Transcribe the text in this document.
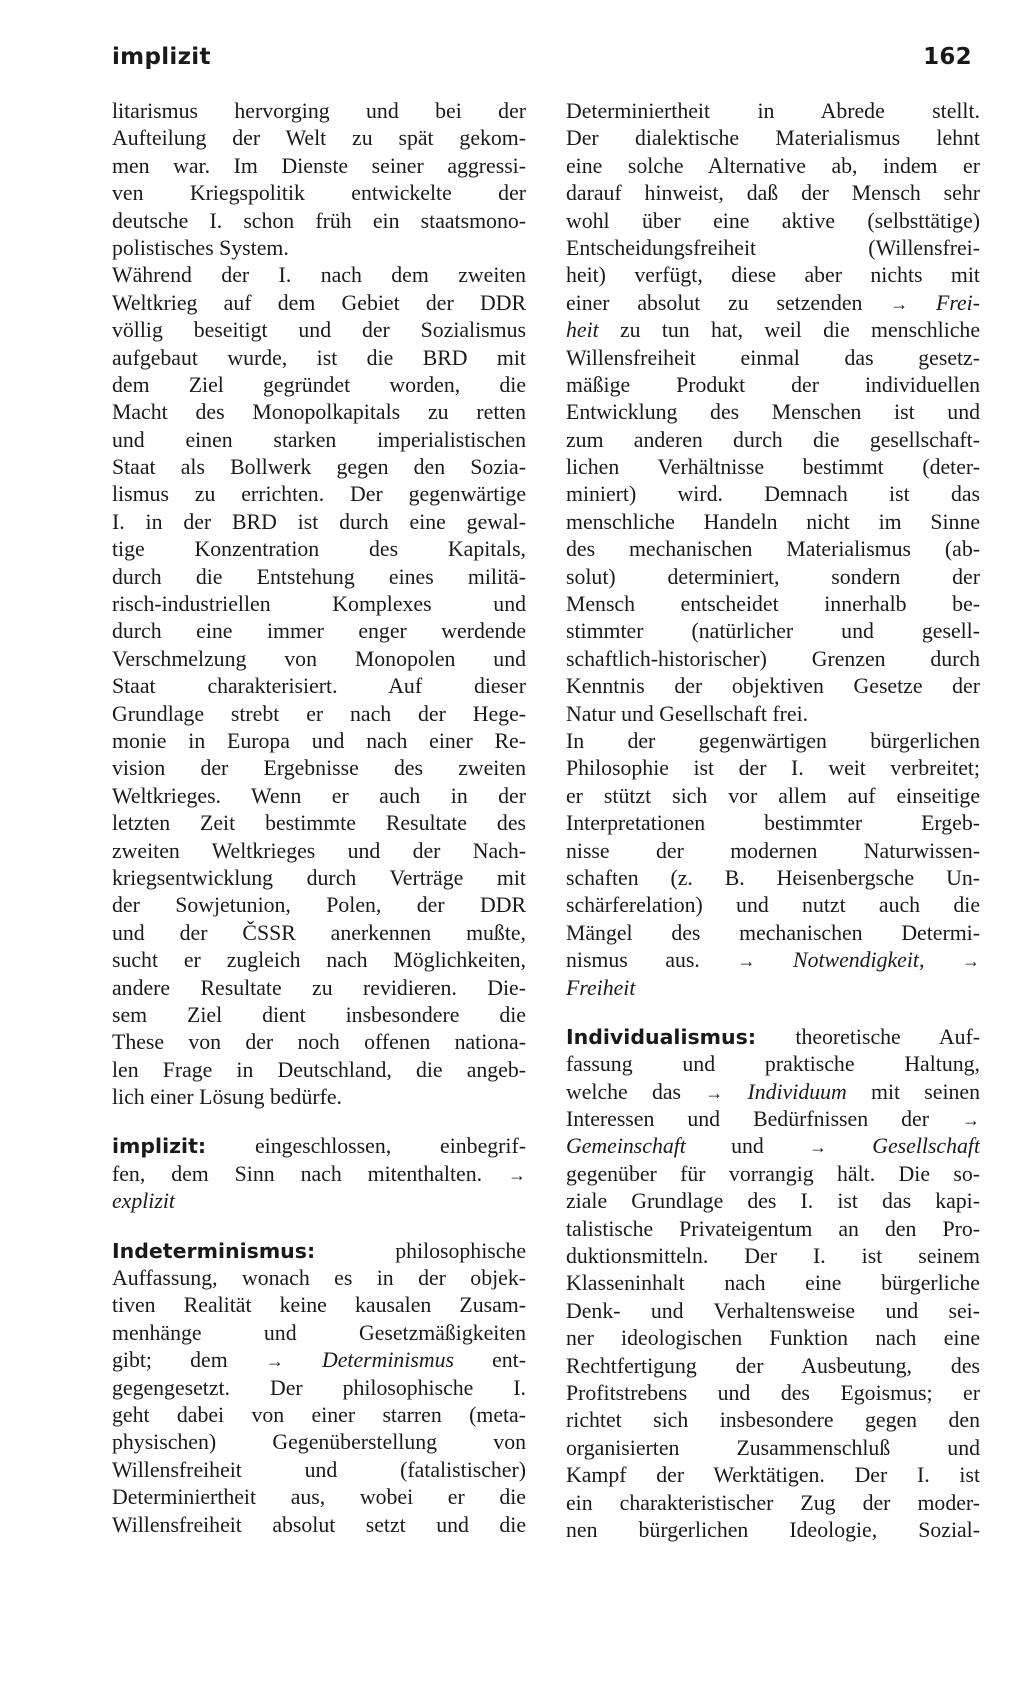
implizit	162
litarismus hervorging und bei der
Aufteilung der Welt zu spät gekom-
men war. Im Dienste seiner aggressi-
ven Kriegspolitik entwickelte der
deutsche I. schon früh ein staatsmono-
polistisches System.
Während der I. nach dem zweiten
Weltkrieg auf dem Gebiet der DDR
völlig beseitigt und der Sozialismus
aufgebaut wurde, ist die BRD mit
dem Ziel gegründet worden, die
Macht des Monopolkapitals zu retten
und einen starken imperialistischen
Staat als Bollwerk gegen den Sozia-
lismus zu errichten. Der gegenwärtige
I. in der BRD ist durch eine gewal-
tige Konzentration des Kapitals,
durch die Entstehung eines militä-
risch-industriellen Komplexes und
durch eine immer enger werdende
Verschmelzung von Monopolen und
Staat charakterisiert. Auf dieser
Grundlage strebt er nach der Hege-
monie in Europa und nach einer Re-
vision der Ergebnisse des zweiten
Weltkrieges. Wenn er auch in der
letzten Zeit bestimmte Resultate des
zweiten Weltkrieges und der Nach-
kriegsentwicklung durch Verträge mit
der Sowjetunion, Polen, der DDR
und der ČSSR anerkennen mußte,
sucht er zugleich nach Möglichkeiten,
andere Resultate zu revidieren. Die-
sem Ziel dient insbesondere die
These von der noch offenen nationa-
len Frage in Deutschland, die angeb-
lich einer Lösung bedürfe.
implizit: eingeschlossen, einbegrif-
fen, dem Sinn nach mitenthalten. →
explizit
Indeterminismus:	philosophische
Auffassung, wonach es in der objek-
tiven Realität keine kausalen Zusam-
menhänge und Gesetzmäßigkeiten
gibt; dem → Determinismus ent-
gegengesetzt. Der philosophische I.
geht dabei von einer starren (meta-
physischen) Gegenüberstellung von
Willensfreiheit und (fatalistischer)
Determiniertheit aus, wobei er die
Willensfreiheit absolut setzt und die
Determiniertheit in Abrede stellt.
Der dialektische Materialismus lehnt
eine solche Alternative ab, indem er
darauf hinweist, daß der Mensch sehr
wohl über eine aktive (selbsttätige)
Entscheidungsfreiheit (Willensfrei-
heit) verfügt, diese aber nichts mit
einer absolut zu setzenden → Frei-
heit zu tun hat, weil die menschliche
Willensfreiheit einmal das gesetz-
mäßige Produkt der individuellen
Entwicklung des Menschen ist und
zum anderen durch die gesellschaft-
lichen Verhältnisse bestimmt (deter-
miniert) wird. Demnach ist das
menschliche Handeln nicht im Sinne
des mechanischen Materialismus (ab-
solut) determiniert, sondern der
Mensch entscheidet innerhalb be-
stimmter (natürlicher und gesell-
schaftlich-historischer) Grenzen durch
Kenntnis der objektiven Gesetze der
Natur und Gesellschaft frei.
In der gegenwärtigen bürgerlichen
Philosophie ist der I. weit verbreitet;
er stützt sich vor allem auf einseitige
Interpretationen bestimmter Ergeb-
nisse der modernen Naturwissen-
schaften (z. B. Heisenbergsche Un-
schärferelation) und nutzt auch die
Mängel des mechanischen Determi-
nismus aus. → Notwendigkeit, →
Freiheit
Individualismus: theoretische Auf-
fassung und praktische Haltung,
welche das → Individuum mit seinen
Interessen und Bedürfnissen der →
Gemeinschaft und	→ Gesellschaft
gegenüber für vorrangig hält. Die so-
ziale Grundlage des I. ist das kapi-
talistische Privateigentum an den Pro-
duktionsmitteln. Der I. ist seinem
Klasseninhalt nach eine bürgerliche
Denk- und Verhaltensweise und sei-
ner ideologischen Funktion nach eine
Rechtfertigung der Ausbeutung, des
Profitstrebens und des Egoismus; er
richtet sich insbesondere gegen den
organisierten Zusammenschluß und
Kampf der Werktätigen. Der I. ist
ein charakteristischer Zug der moder-
nen bürgerlichen Ideologie, Sozial-
